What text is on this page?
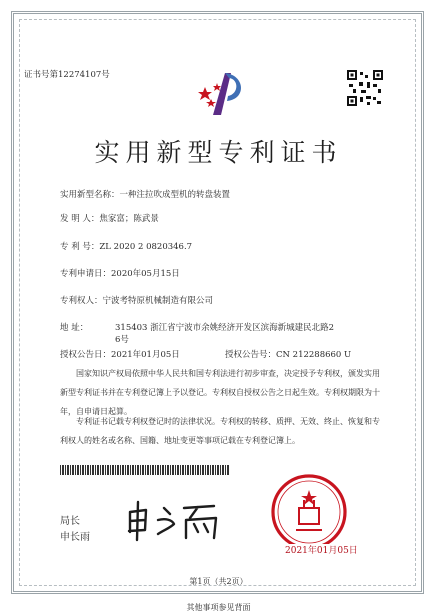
证书号第12274107号
实用新型专利证书
实用新型名称：一种注拉吹成型机的转盘装置
发 明 人：焦家富；陈武景
专 利 号：ZL 2020 2 0820346.7
专利申请日：2020年05月15日
专利权人：宁波考特原机械制造有限公司
地 址：	315403 浙江省宁波市余姚经济开发区滨海新城建民北路2
6号
授权公告日：2021年01月05日	授权公告号：CN 212288660 U
国家知识产权局依照中华人民共和国专利法进行初步审查，决定授予专利权，颁发实用新型专利证书并在专利登记簿上予以登记。专利权自授权公告之日起生效。专利权期限为十年，自申请日起算。
专利证书记载专利权登记时的法律状况。专利权的转移、质押、无效、终止、恢复和专利权人的姓名或名称、国籍、地址变更等事项记载在专利登记簿上。
局长
申长雨
2021年01月05日
第1页（共2页）
其他事项参见背面
